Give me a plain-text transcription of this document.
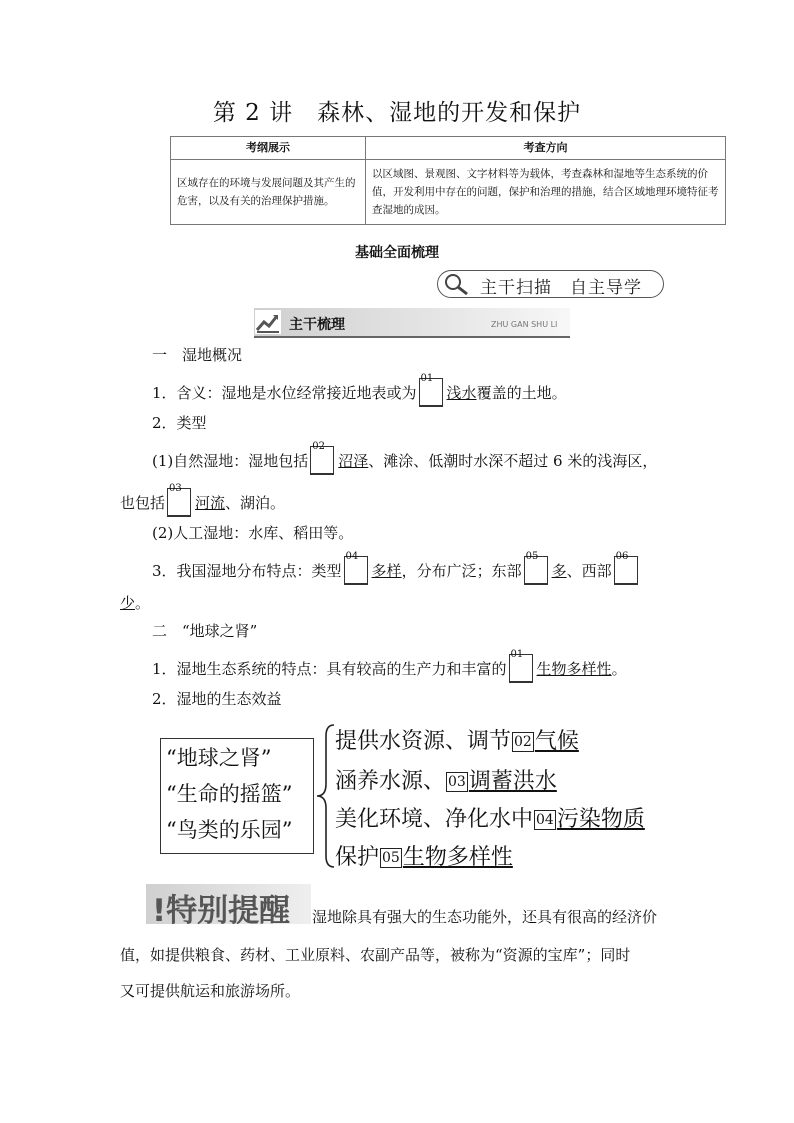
第 2 讲　森林、湿地的开发和保护
考纲展示	考查方向
区域存在的环境与发展问题及其产生的危害，以及有关的治理保护措施。	以区域图、景观图、文字材料等为载体，考查森林和湿地等生态系统的价值，开发利用中存在的问题，保护和治理的措施，结合区域地理环境特征考查湿地的成因。
基础全面梳理
主干扫描　自主导学
主干梳理	ZHU GAN SHU LI
一　湿地概况
1．含义：湿地是水位经常接近地表或为
01
浅水覆盖的土地。
2．类型
(1)自然湿地：湿地包括
02
沼泽、滩涂、低潮时水深不超过 6 米的浅海区，
也包括
03
河流、湖泊。
(2)人工湿地：水库、稻田等。
3．我国湿地分布特点：类型
04
多样，分布广泛；东部
05
多、西部
06
少。
二　“地球之肾”
1．湿地生态系统的特点：具有较高的生产力和丰富的
01
生物多样性。
2．湿地的生态效益
“地球之肾”
“生命的摇篮”
“鸟类的乐园”
提供水资源、调节 02 气候
涵养水源、 03 调蓄洪水
美化环境、净化水中 04 污染物质
保护 05 生物多样性
!特别提醒 湿地除具有强大的生态功能外，还具有很高的经济价
值，如提供粮食、药材、工业原料、农副产品等，被称为“资源的宝库”；同时
又可提供航运和旅游场所。
